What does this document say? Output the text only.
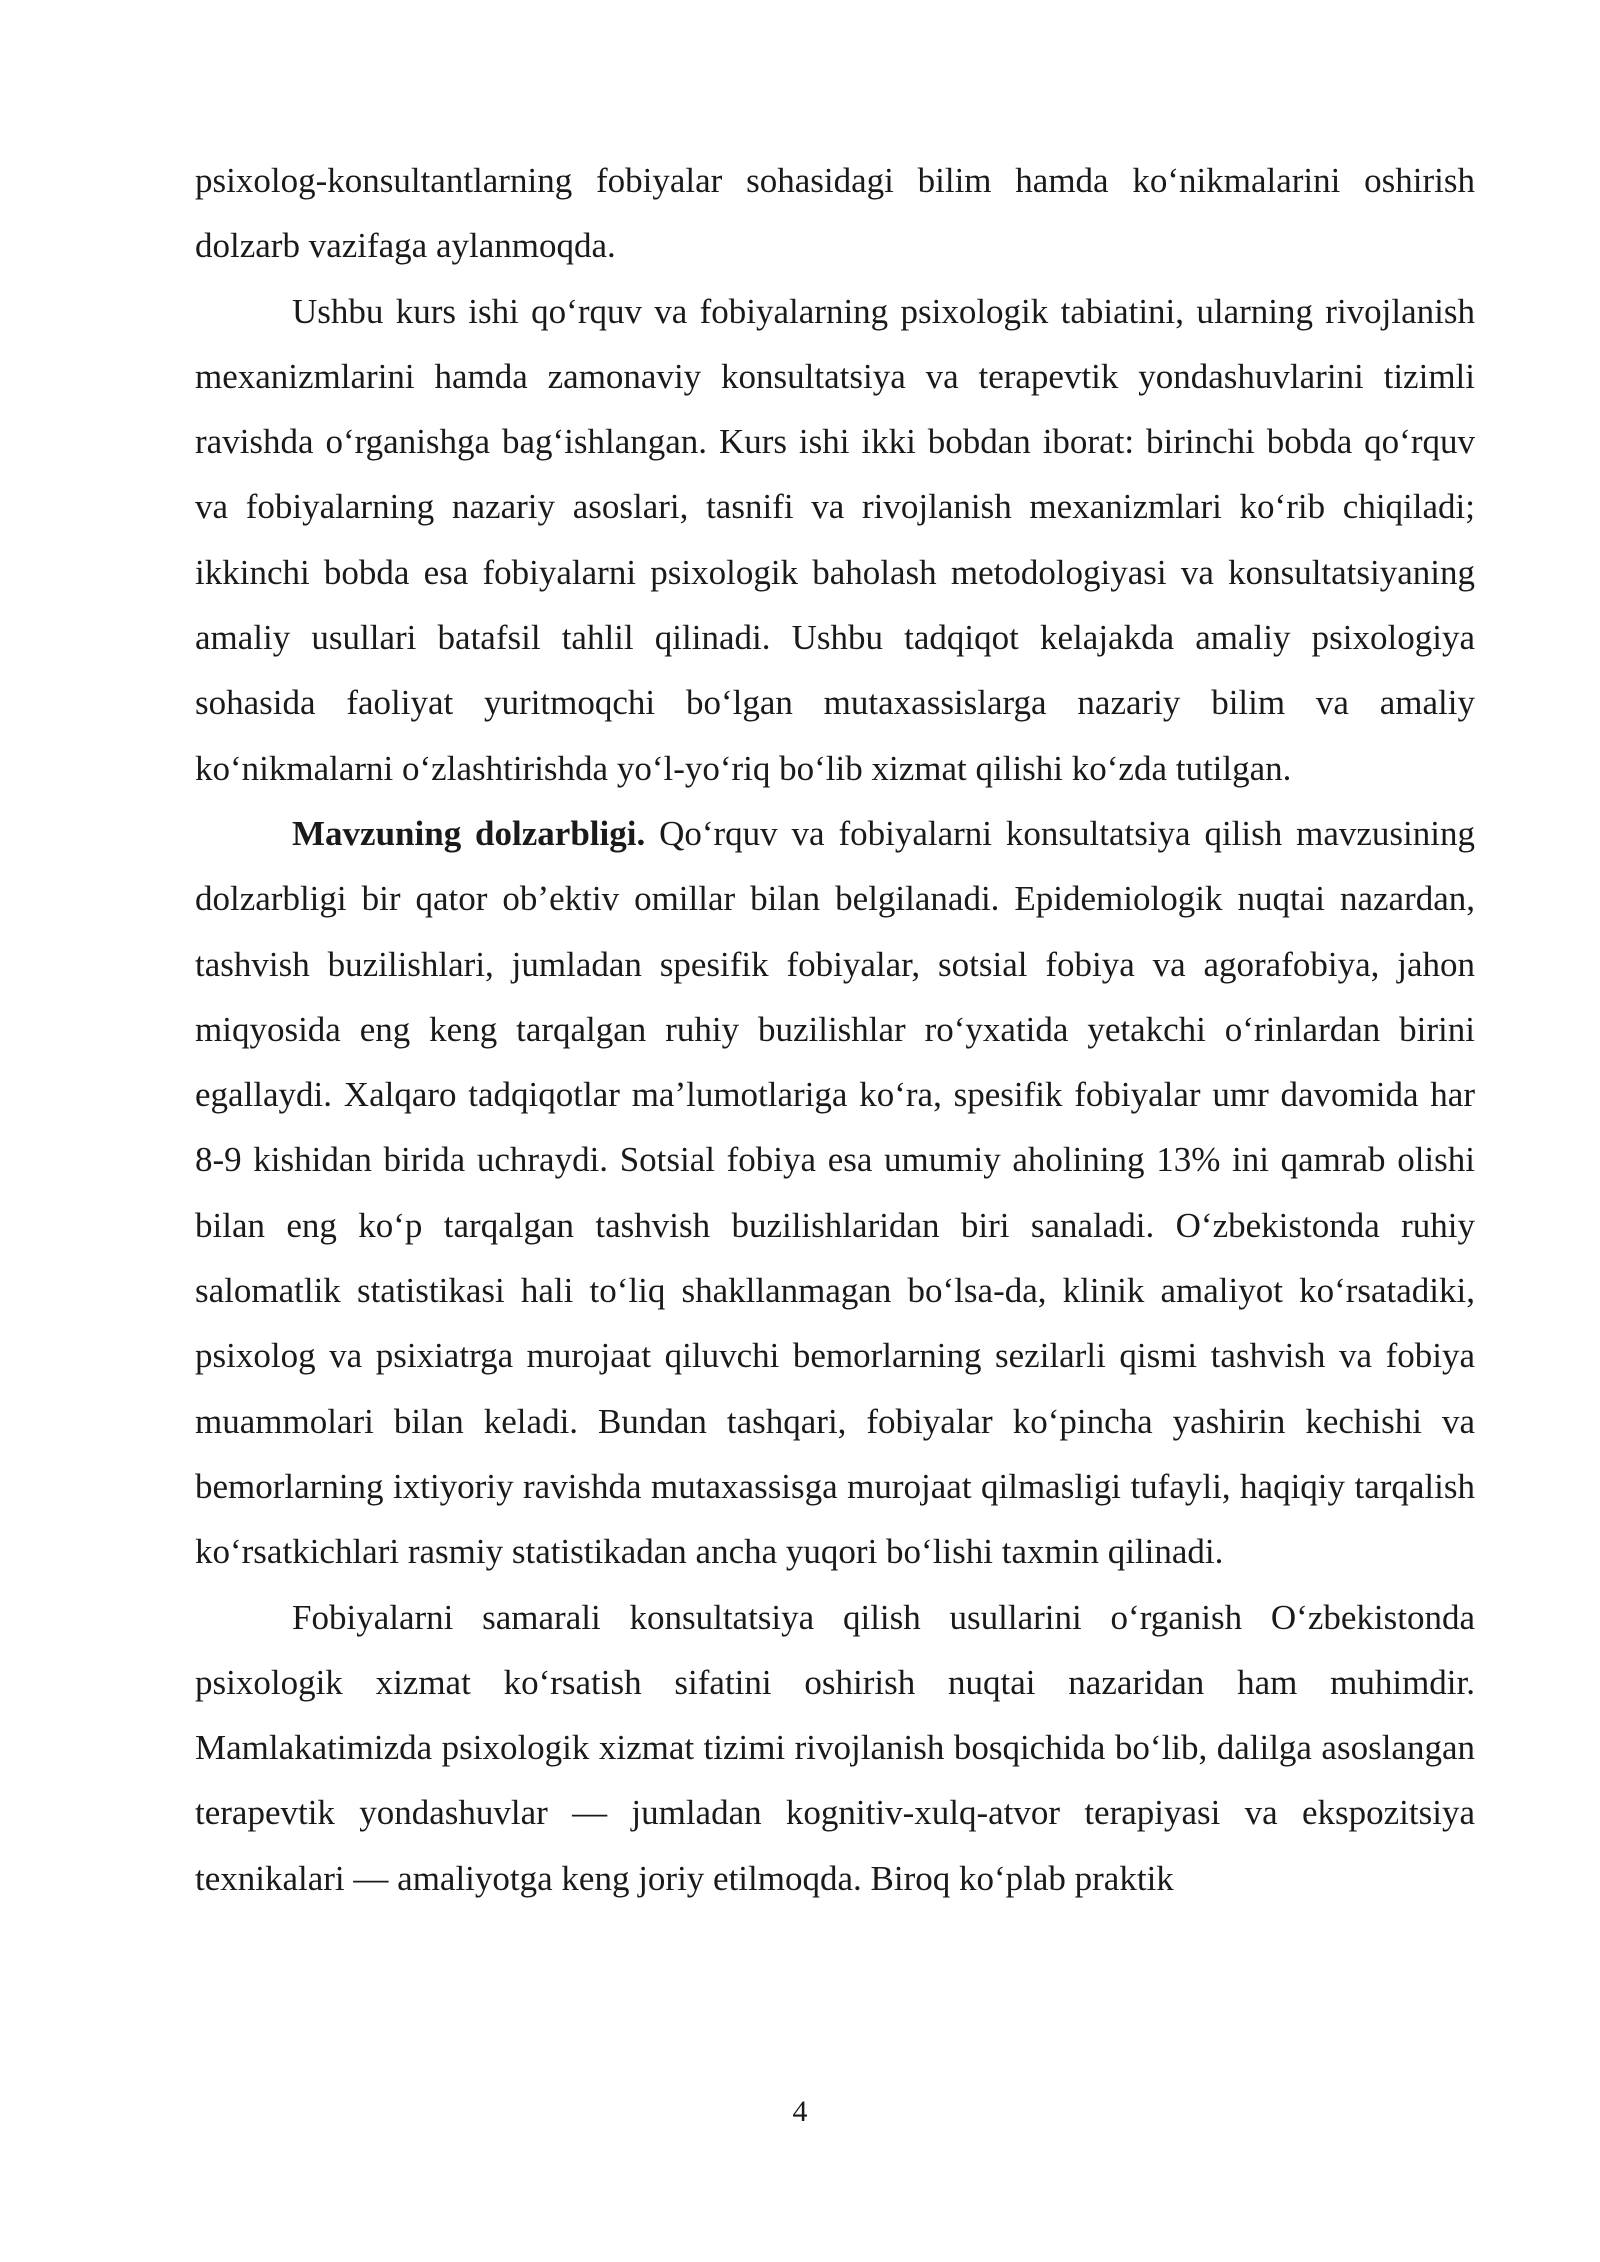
psixolog-konsultantlarning fobiyalar sohasidagi bilim hamda koʻnikmalarini oshirish dolzarb vazifaga aylanmoqda.

Ushbu kurs ishi qoʻrquv va fobiyalarning psixologik tabiatini, ularning rivojlanish mexanizmlarini hamda zamonaviy konsultatsiya va terapevtik yondashuvlarini tizimli ravishda oʻrganishga bagʻishlangan. Kurs ishi ikki bobdan iborat: birinchi bobda qoʻrquv va fobiyalarning nazariy asoslari, tasnifi va rivojlanish mexanizmlari koʻrib chiqiladi; ikkinchi bobda esa fobiyalarni psixologik baholash metodologiyasi va konsultatsiyaning amaliy usullari batafsil tahlil qilinadi. Ushbu tadqiqot kelajakda amaliy psixologiya sohasida faoliyat yuritmoqchi boʻlgan mutaxassislarga nazariy bilim va amaliy koʻnikmalarni oʻzlashtirishda yoʻl-yoʻriq boʻlib xizmat qilishi koʻzda tutilgan.

Mavzuning dolzarbligi. Qoʻrquv va fobiyalarni konsultatsiya qilish mavzusining dolzarbligi bir qator obʼektiv omillar bilan belgilanadi. Epidemiologik nuqtai nazardan, tashvish buzilishlari, jumladan spesifik fobiyalar, sotsial fobiya va agorafobiya, jahon miqyosida eng keng tarqalgan ruhiy buzilishlar roʻyxatida yetakchi oʻrinlardan birini egallaydi. Xalqaro tadqiqotlar maʼlumotlariga koʻra, spesifik fobiyalar umr davomida har 8-9 kishidan birida uchraydi. Sotsial fobiya esa umumiy aholining 13% ini qamrab olishi bilan eng koʻp tarqalgan tashvish buzilishlaridan biri sanaladi. Oʻzbekistonda ruhiy salomatlik statistikasi hali toʻliq shakllanmagan boʻlsa-da, klinik amaliyot koʻrsatadiki, psixolog va psixiatrga murojaat qiluvchi bemorlarning sezilarli qismi tashvish va fobiya muammolari bilan keladi. Bundan tashqari, fobiyalar koʻpincha yashirin kechishi va bemorlarning ixtiyoriy ravishda mutaxassisga murojaat qilmasligi tufayli, haqiqiy tarqalish koʻrsatkichlari rasmiy statistikadan ancha yuqori boʻlishi taxmin qilinadi.

Fobiyalarni samarali konsultatsiya qilish usullarini oʻrganish Oʻzbekistonda psixologik xizmat koʻrsatish sifatini oshirish nuqtai nazaridan ham muhimdir. Mamlakatimizda psixologik xizmat tizimi rivojlanish bosqichida boʻlib, dalilga asoslangan terapevtik yondashuvlar — jumladan kognitiv-xulq-atvor terapiyasi va ekspozitsiya texnikalari — amaliyotga keng joriy etilmoqda. Biroq koʻplab praktik

4
